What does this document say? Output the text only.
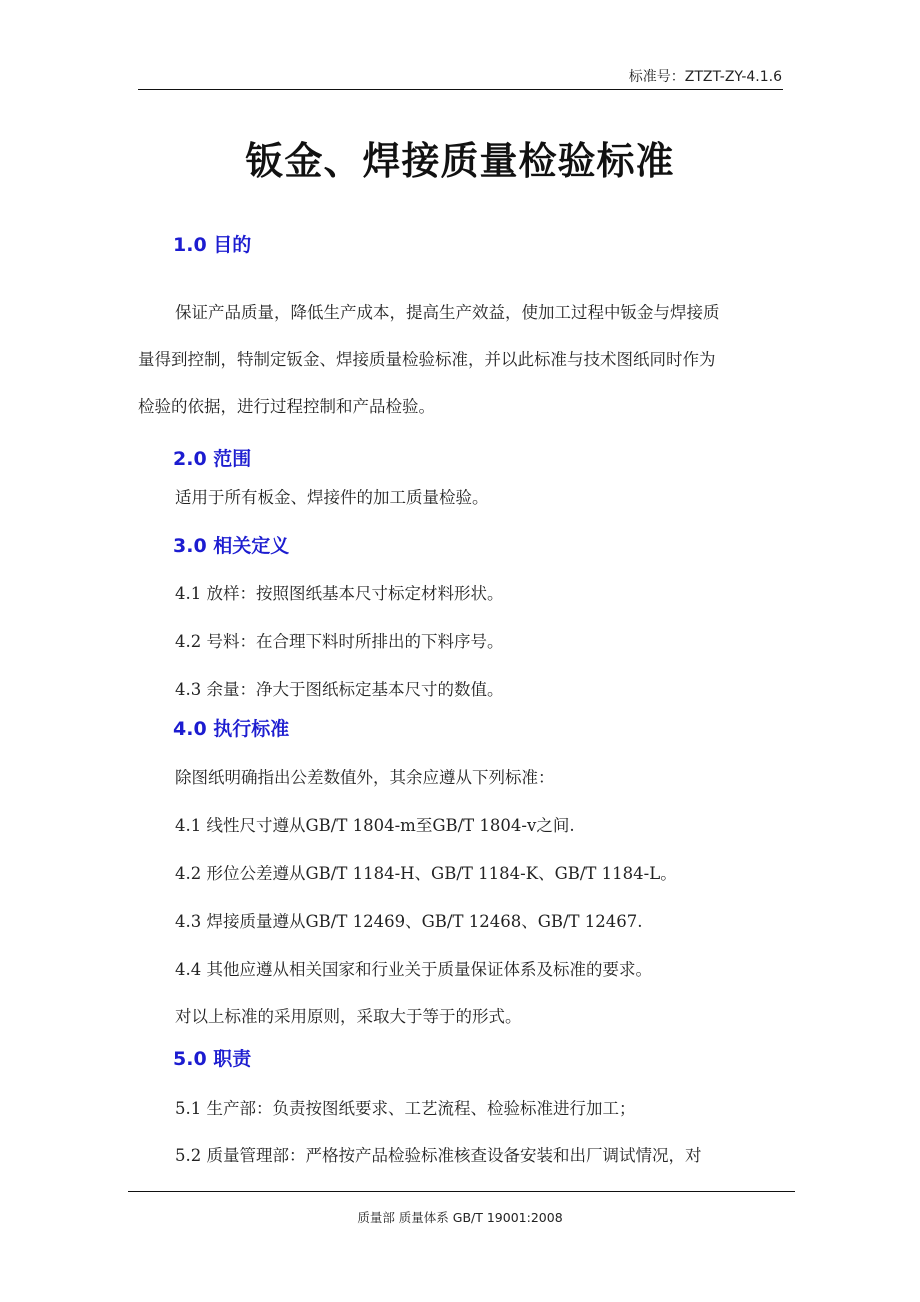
标准号：ZTZT-ZY-4.1.6
钣金、焊接质量检验标准
1.0 目的
保证产品质量，降低生产成本，提高生产效益，使加工过程中钣金与焊接质
量得到控制，特制定钣金、焊接质量检验标准，并以此标准与技术图纸同时作为
检验的依据，进行过程控制和产品检验。
2.0 范围
适用于所有板金、焊接件的加工质量检验。
3.0 相关定义
4.1 放样：按照图纸基本尺寸标定材料形状。
4.2 号料：在合理下料时所排出的下料序号。
4.3 余量：净大于图纸标定基本尺寸的数值。
4.0 执行标准
除图纸明确指出公差数值外，其余应遵从下列标准：
4.1 线性尺寸遵从GB/T 1804-m至GB/T 1804-v之间.
4.2 形位公差遵从GB/T 1184-H、GB/T 1184-K、GB/T 1184-L。
4.3 焊接质量遵从GB/T 12469、GB/T 12468、GB/T 12467.
4.4 其他应遵从相关国家和行业关于质量保证体系及标准的要求。
对以上标准的采用原则，采取大于等于的形式。
5.0 职责
5.1 生产部：负责按图纸要求、工艺流程、检验标准进行加工；
5.2 质量管理部：严格按产品检验标准核查设备安装和出厂调试情况，对
质量部 质量体系 GB/T 19001:2008
